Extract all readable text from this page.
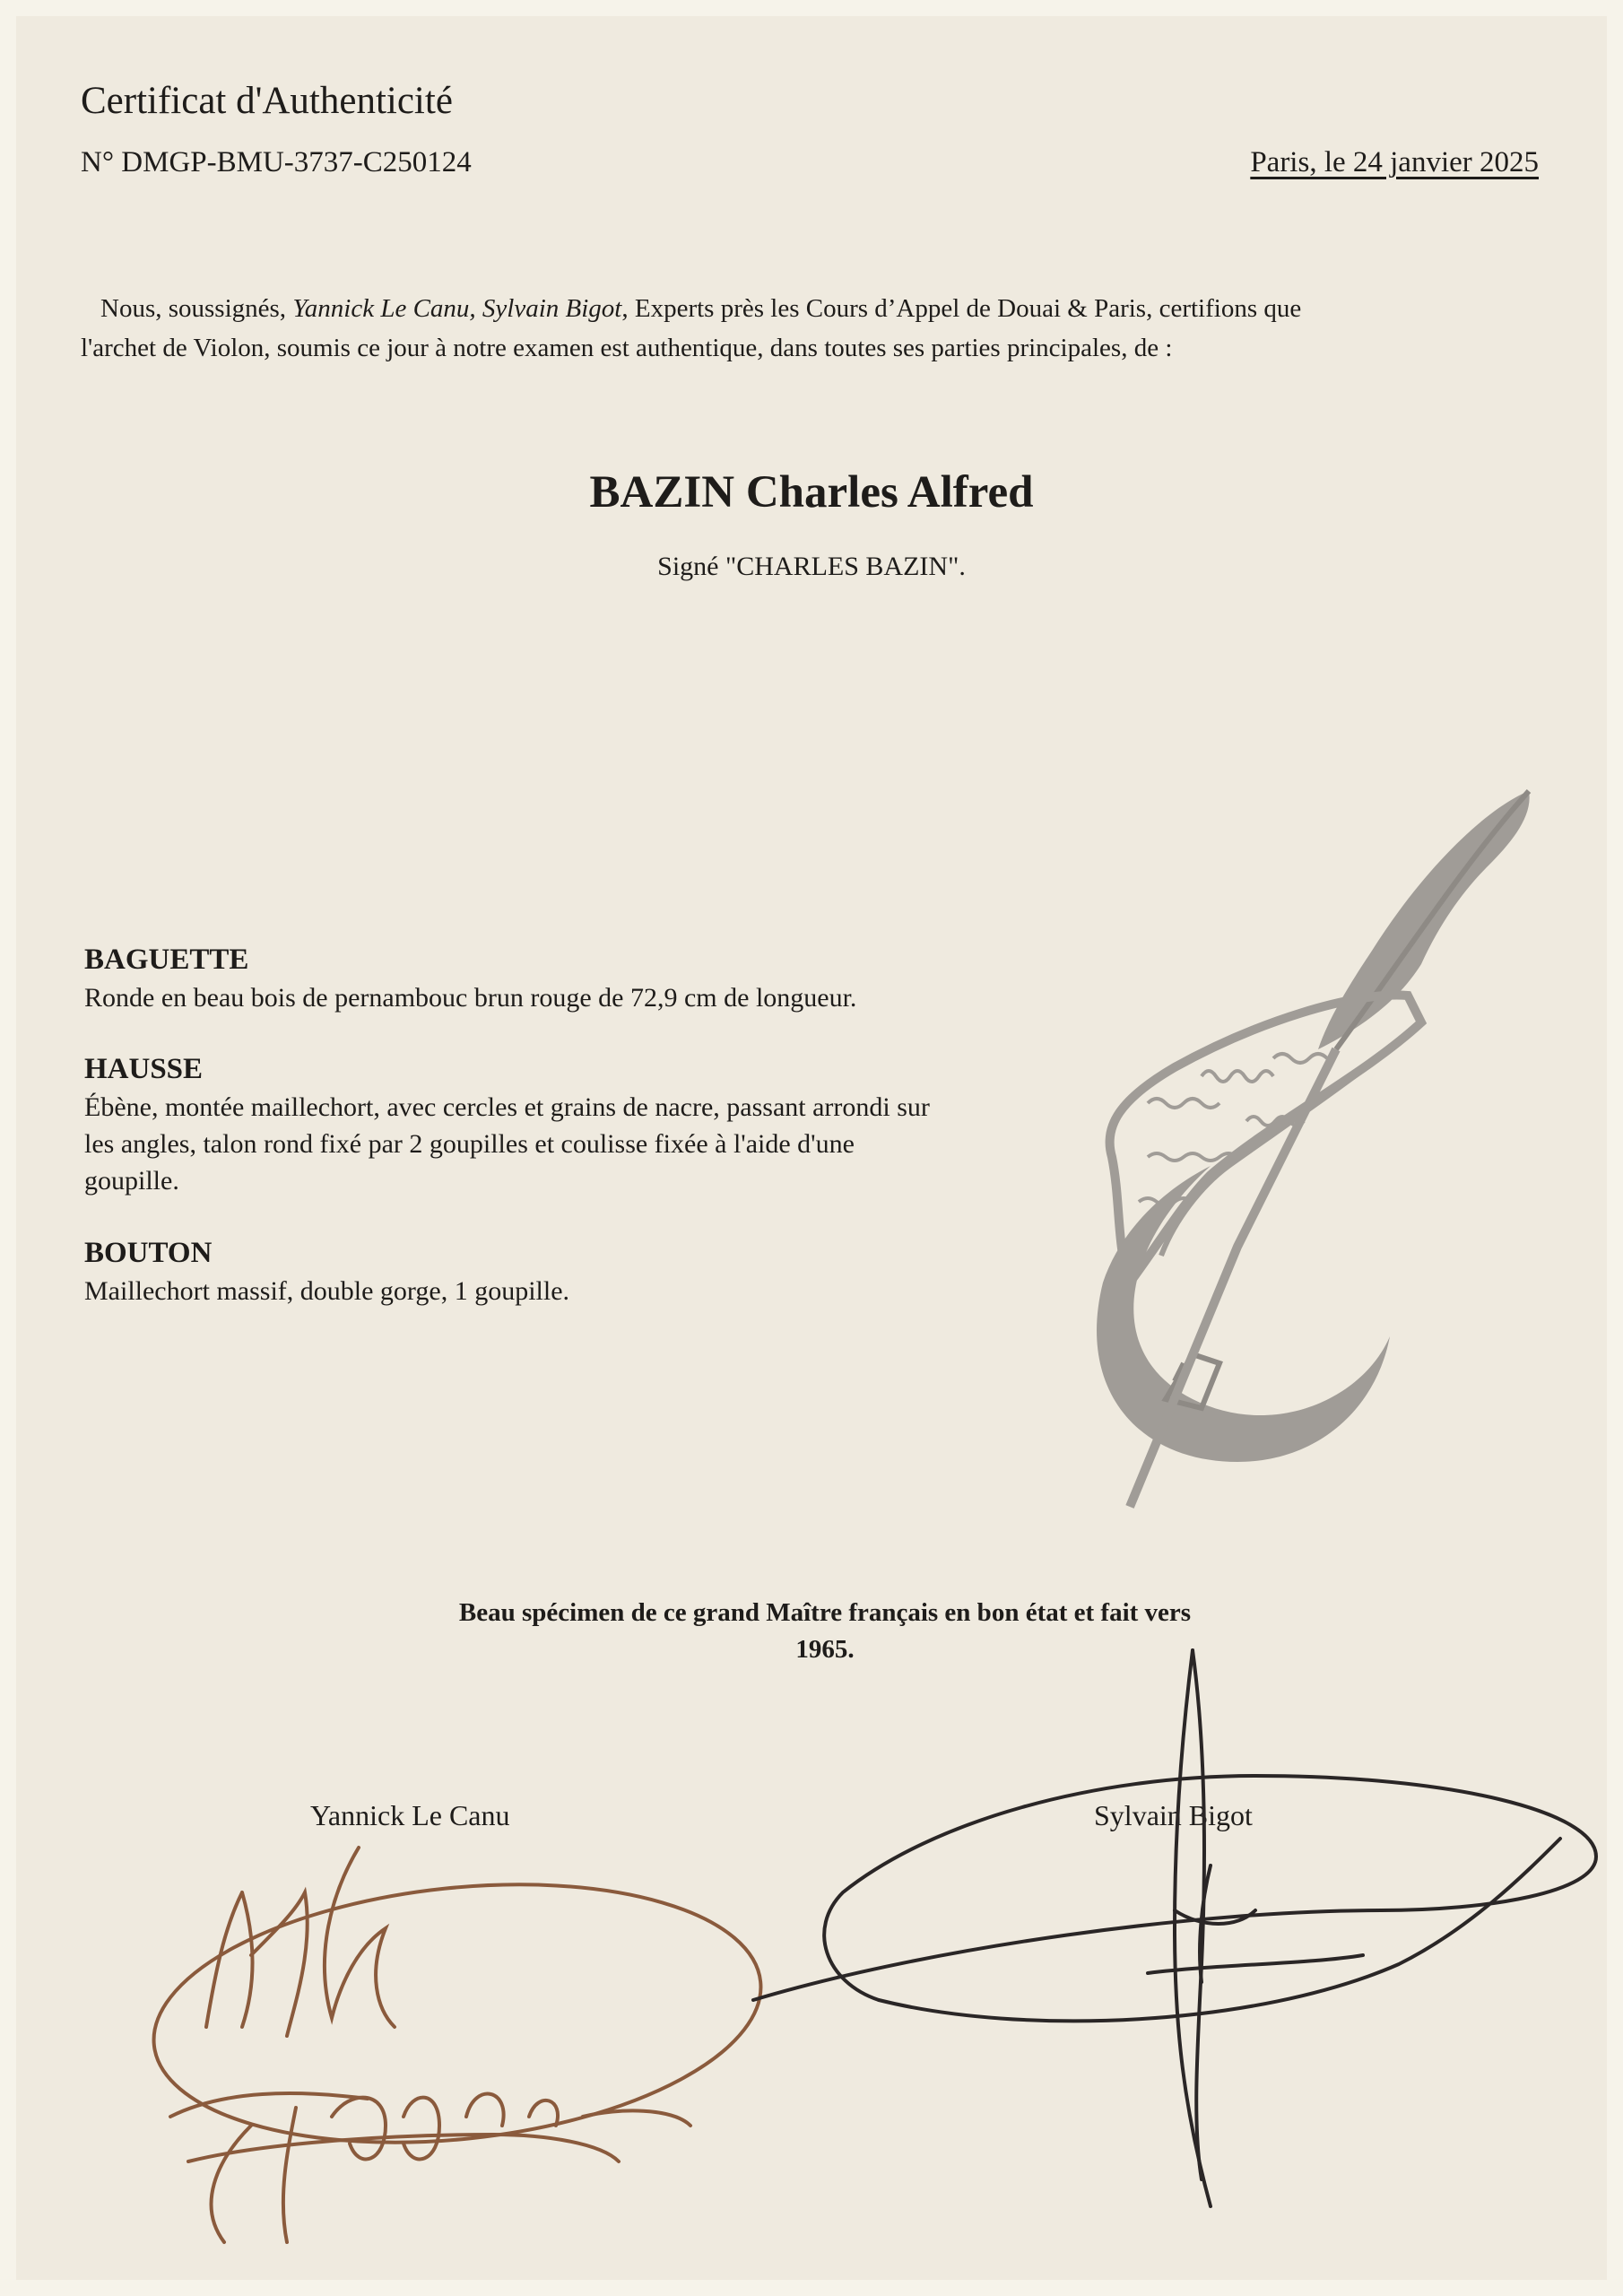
Certificat d'Authenticité
N° DMGP-BMU-3737-C250124	Paris, le 24 janvier 2025
Nous, soussignés, Yannick Le Canu, Sylvain Bigot, Experts près les Cours d’Appel de Douai & Paris, certifions que
l'archet de Violon, soumis ce jour à notre examen est authentique, dans toutes ses parties principales, de :
BAZIN Charles Alfred
Signé "CHARLES BAZIN".
BAGUETTE
Ronde en beau bois de pernambouc brun rouge de 72,9 cm de longueur.
HAUSSE
Ébène, montée maillechort, avec cercles et grains de nacre, passant arrondi sur
les angles, talon rond fixé par 2 goupilles et coulisse fixée à l'aide d'une
goupille.
BOUTON
Maillechort massif, double gorge, 1 goupille.
Beau spécimen de ce grand Maître français en bon état et fait vers
1965.
Yannick Le Canu	Sylvain Bigot
